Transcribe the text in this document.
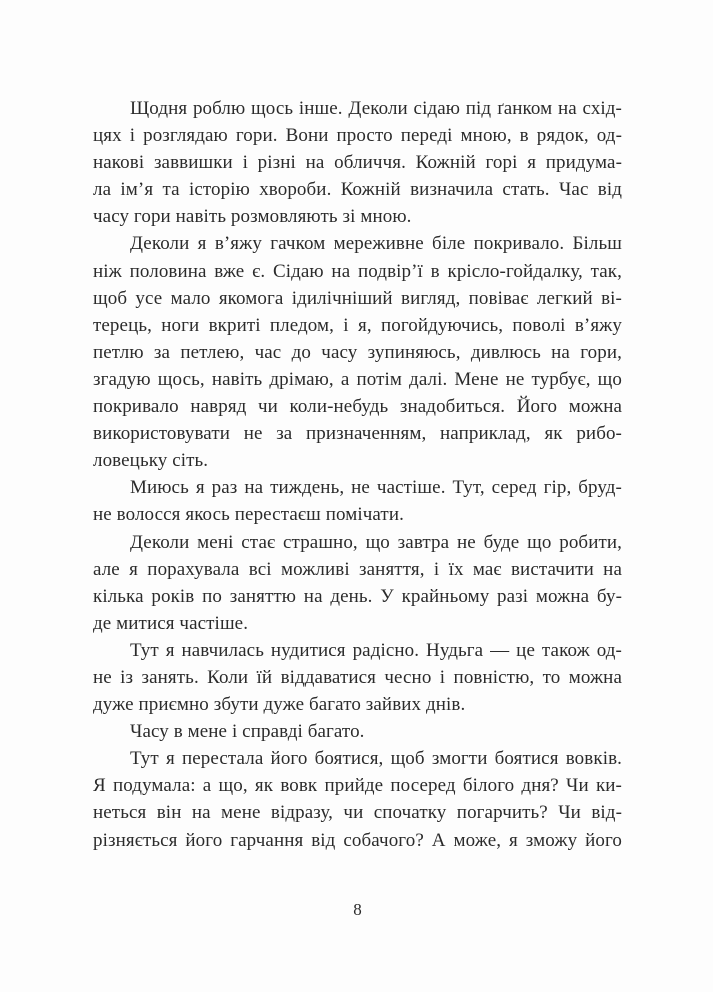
Щодня роблю щось інше. Деколи сідаю під ґанком на схід-
цях і розглядаю гори. Вони просто переді мною, в рядок, од-
накові заввишки і різні на обличчя. Кожній горі я придума-
ла ім’я та історію хвороби. Кожній визначила стать. Час від
часу гори навіть розмовляють зі мною.
Деколи я в’яжу гачком мереживне біле покривало. Більш
ніж половина вже є. Сідаю на подвір’ї в крісло-гойдалку, так,
щоб усе мало якомога ідилічніший вигляд, повіває легкий ві-
терець, ноги вкриті пледом, і я, погойдуючись, поволі в’яжу
петлю за петлею, час до часу зупиняюсь, дивлюсь на гори,
згадую щось, навіть дрімаю, а потім далі. Мене не турбує, що
покривало навряд чи коли-небудь знадобиться. Його можна
використовувати не за призначенням, наприклад, як рибо-
ловецьку сіть.
Миюсь я раз на тиждень, не частіше. Тут, серед гір, бруд-
не волосся якось перестаєш помічати.
Деколи мені стає страшно, що завтра не буде що робити,
але я порахувала всі можливі заняття, і їх має вистачити на
кілька років по заняттю на день. У крайньому разі можна бу-
де митися частіше.
Тут я навчилась нудитися радісно. Нудьга — це також од-
не із занять. Коли їй віддаватися чесно і повністю, то можна
дуже приємно збути дуже багато зайвих днів.
Часу в мене і справді багато.
Тут я перестала його боятися, щоб змогти боятися вовків.
Я подумала: а що, як вовк прийде посеред білого дня? Чи ки-
неться він на мене відразу, чи спочатку погарчить? Чи від-
різняється його гарчання від собачого? А може, я зможу його
8
